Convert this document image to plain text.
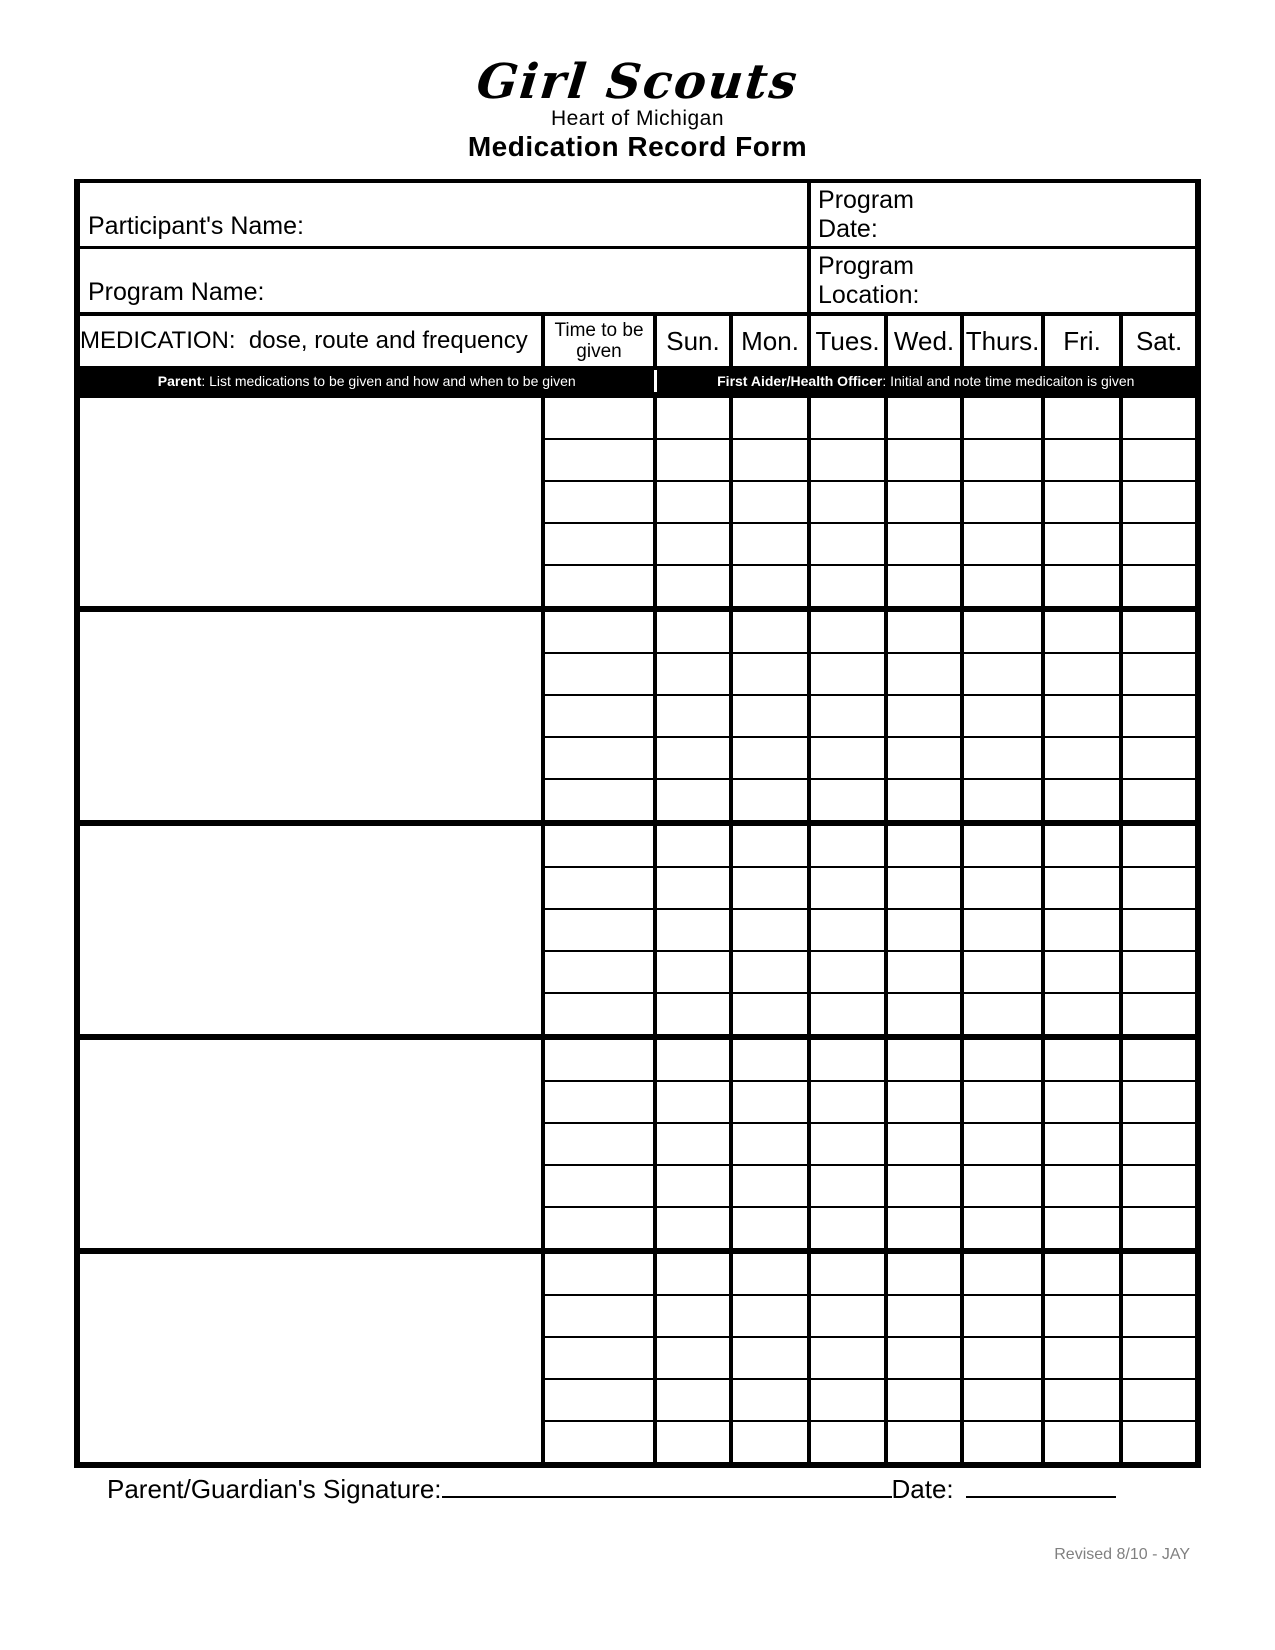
Girl Scouts
Heart of Michigan
Medication Record Form
Participant's Name:				Program
Date:				

Program Name:				Program
Location:				

MEDICATION:  dose, route and frequency	Time to be
given	Sun.	Mon.	Tues.	Wed.	Thurs.	Fri.	Sat.
Parent: List medications to be given and how and when to be given		First Aider/Health Officer: Initial and note time medicaiton is given						

Parent/Guardian's Signature:	Date:
Revised 8/10 - JAY
